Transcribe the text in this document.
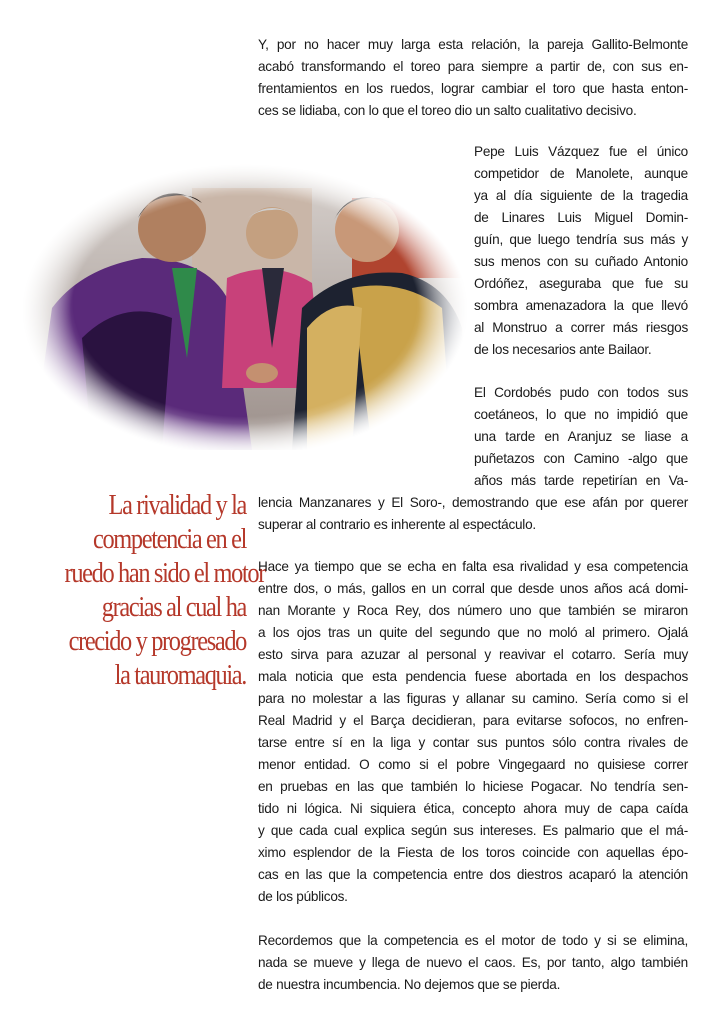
Y, por no hacer muy larga esta relación, la pareja Gallito-Belmonte
acabó transformando el toreo para siempre a partir de, con sus en-
frentamientos en los ruedos, lograr cambiar el toro que hasta enton-
ces se lidiaba, con lo que el toreo dio un salto cualitativo decisivo.
Pepe Luis Vázquez fue el único
competidor de Manolete, aunque
ya al día siguiente de la tragedia
de Linares Luis Miguel Domin-
guín, que luego tendría sus más y
sus menos con su cuñado Antonio
Ordóñez, aseguraba que fue su
sombra amenazadora la que llevó
al Monstruo a correr más riesgos
de los necesarios ante Bailaor.
El Cordobés pudo con todos sus
coetáneos, lo que no impidió que
una tarde en Aranjuz se liase a
puñetazos con Camino -algo que
años más tarde repetirían en Va-
lencia Manzanares y El Soro-, demostrando que ese afán por querer
superar al contrario es inherente al espectáculo.
La rivalidad y la
competencia en el
ruedo han sido el motor
gracias al cual ha
crecido y progresado
la tauromaquia.
Hace ya tiempo que se echa en falta esa rivalidad y esa competencia
entre dos, o más, gallos en un corral que desde unos años acá domi-
nan Morante y Roca Rey, dos número uno que también se miraron
a los ojos tras un quite del segundo que no moló al primero. Ojalá
esto sirva para azuzar al personal y reavivar el cotarro. Sería muy
mala noticia que esta pendencia fuese abortada en los despachos
para no molestar a las figuras y allanar su camino. Sería como si el
Real Madrid y el Barça decidieran, para evitarse sofocos, no enfren-
tarse entre sí en la liga y contar sus puntos sólo contra rivales de
menor entidad. O como si el pobre Vingegaard no quisiese correr
en pruebas en las que también lo hiciese Pogacar. No tendría sen-
tido ni lógica. Ni siquiera ética, concepto ahora muy de capa caída
y que cada cual explica según sus intereses. Es palmario que el má-
ximo esplendor de la Fiesta de los toros coincide con aquellas épo-
cas en las que la competencia entre dos diestros acaparó la atención
de los públicos.
Recordemos que la competencia es el motor de todo y si se elimina,
nada se mueve y llega de nuevo el caos. Es, por tanto, algo también
de nuestra incumbencia. No dejemos que se pierda.
